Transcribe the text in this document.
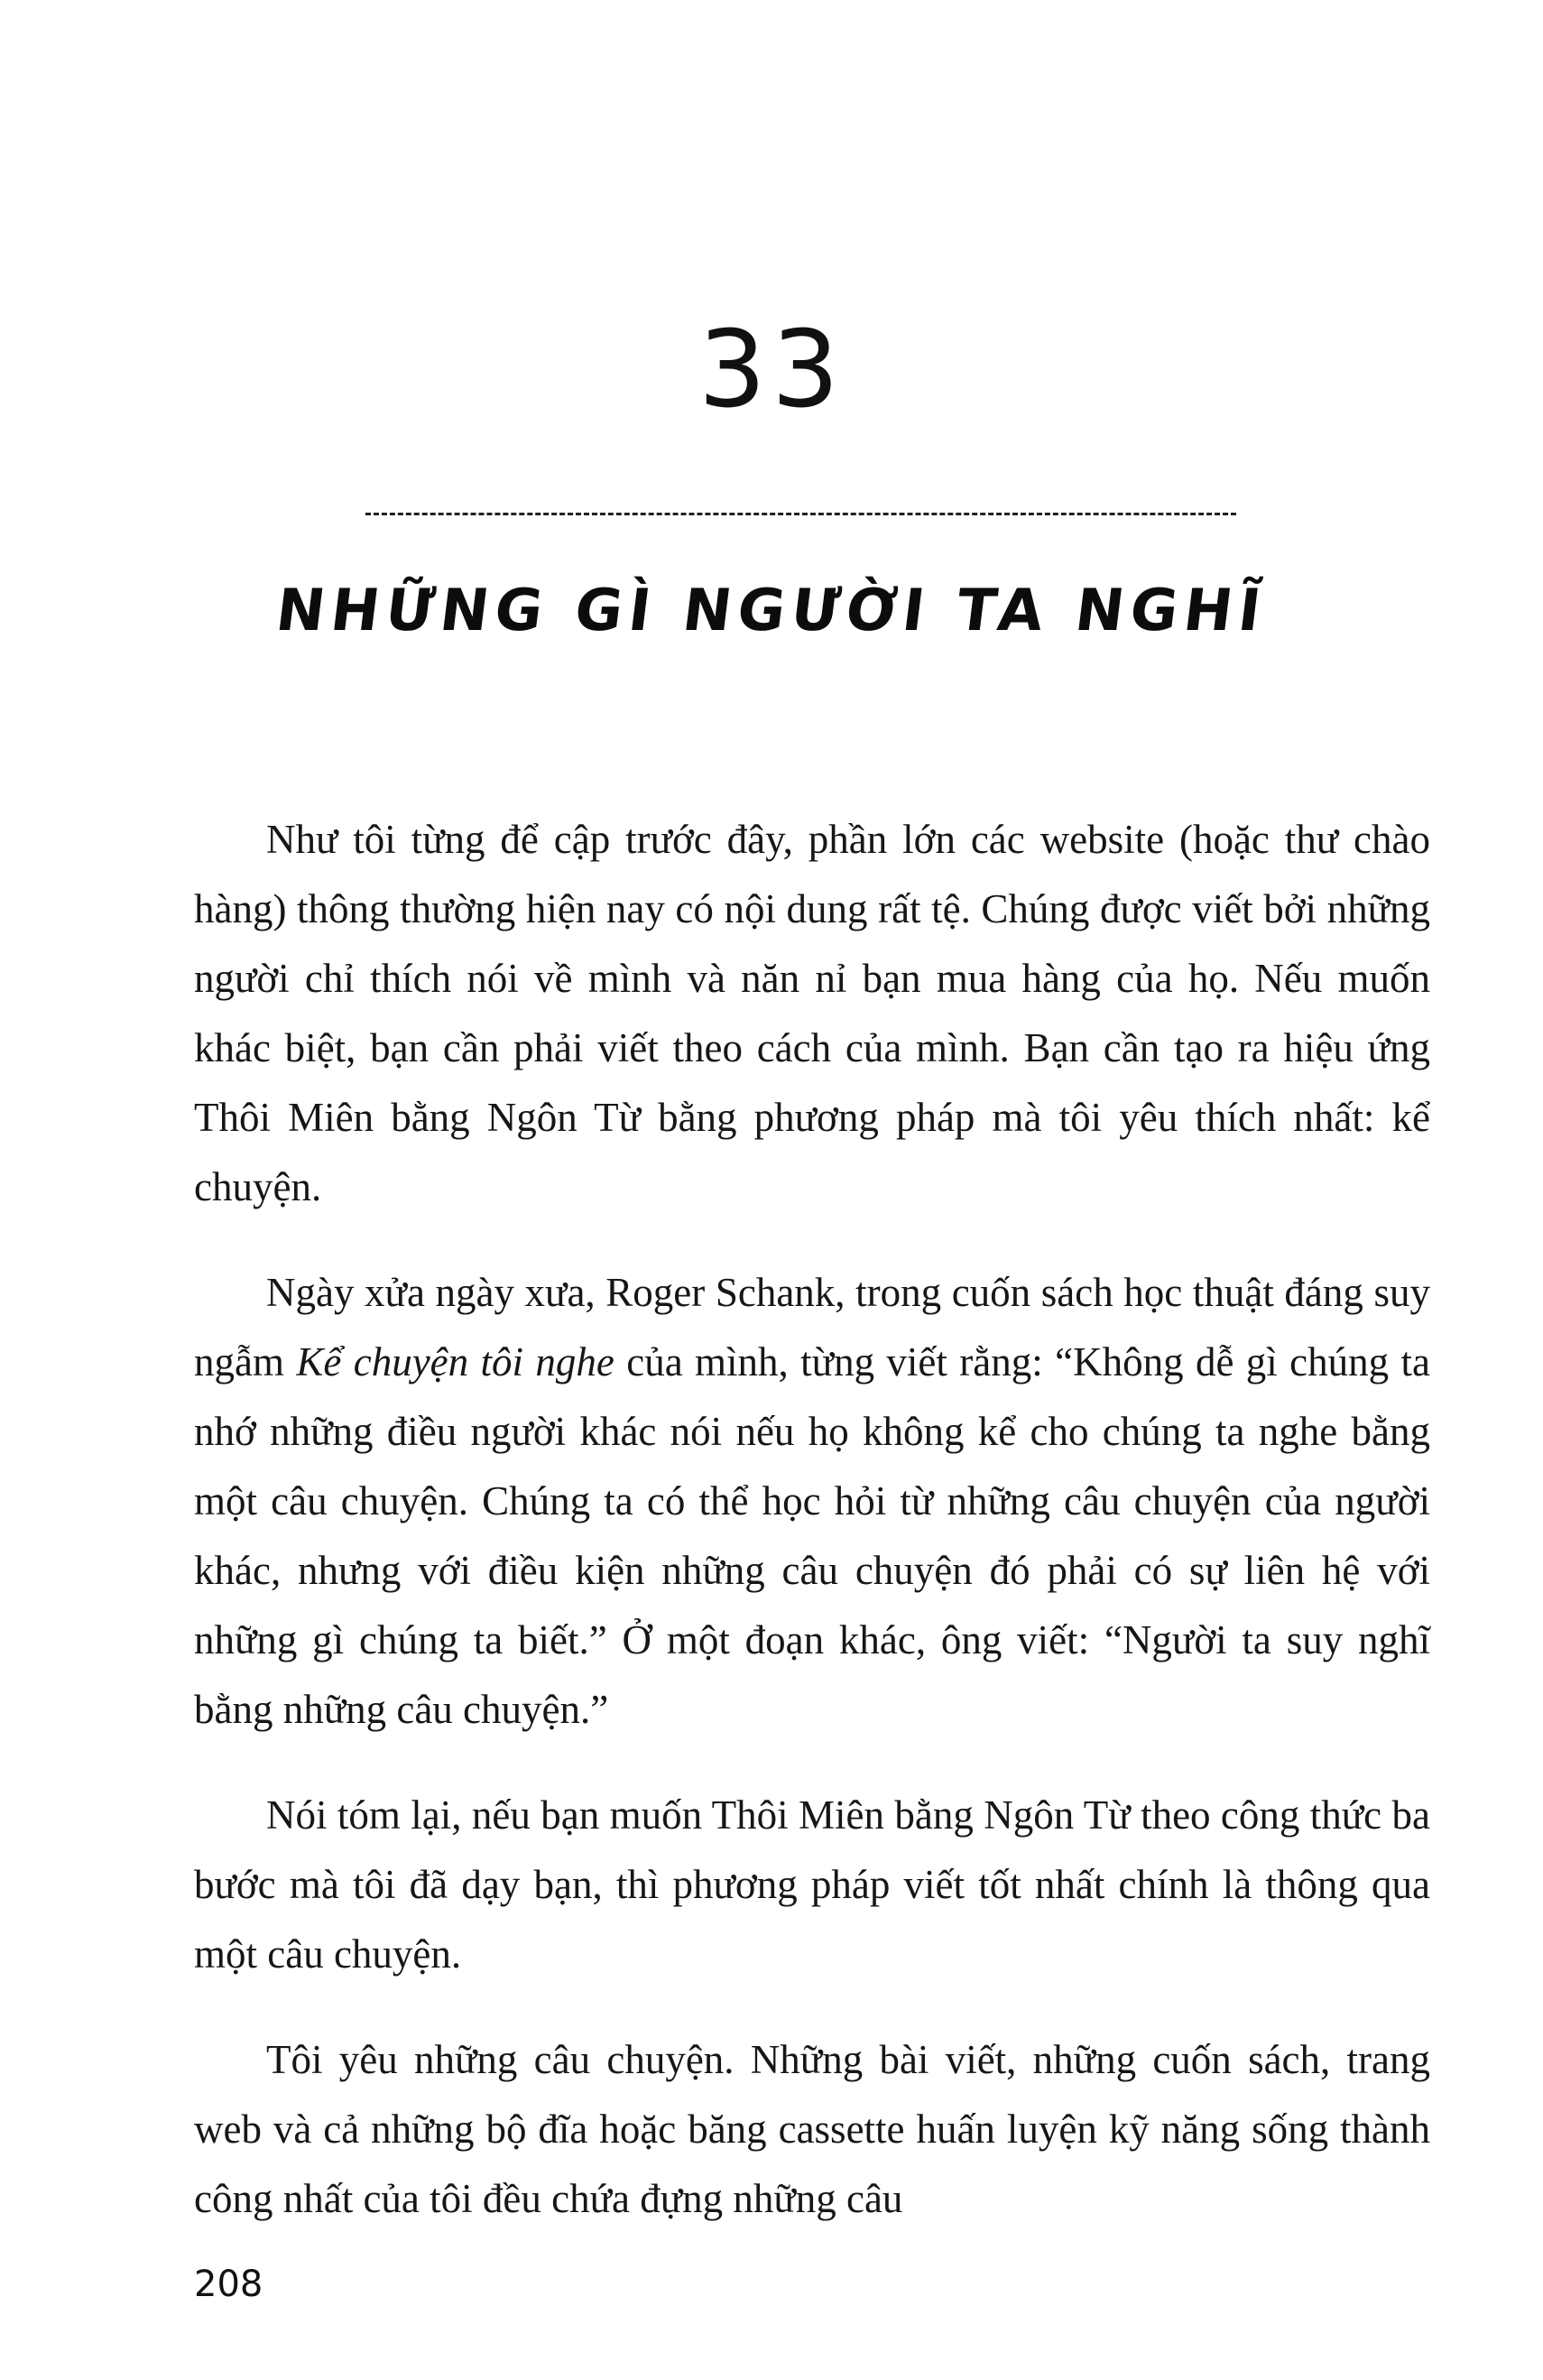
33
NHỮNG GÌ NGƯỜI TA NGHĨ

Như tôi từng để cập trước đây, phần lớn các website (hoặc thư chào hàng) thông thường hiện nay có nội dung rất tệ. Chúng được viết bởi những người chỉ thích nói về mình và năn nỉ bạn mua hàng của họ. Nếu muốn khác biệt, bạn cần phải viết theo cách của mình. Bạn cần tạo ra hiệu ứng Thôi Miên bằng Ngôn Từ bằng phương pháp mà tôi yêu thích nhất: kể chuyện.

Ngày xửa ngày xưa, Roger Schank, trong cuốn sách học thuật đáng suy ngẫm Kể chuyện tôi nghe của mình, từng viết rằng: “Không dễ gì chúng ta nhớ những điều người khác nói nếu họ không kể cho chúng ta nghe bằng một câu chuyện. Chúng ta có thể học hỏi từ những câu chuyện của người khác, nhưng với điều kiện những câu chuyện đó phải có sự liên hệ với những gì chúng ta biết.” Ở một đoạn khác, ông viết: “Người ta suy nghĩ bằng những câu chuyện.”

Nói tóm lại, nếu bạn muốn Thôi Miên bằng Ngôn Từ theo công thức ba bước mà tôi đã dạy bạn, thì phương pháp viết tốt nhất chính là thông qua một câu chuyện.

Tôi yêu những câu chuyện. Những bài viết, những cuốn sách, trang web và cả những bộ đĩa hoặc băng cassette huấn luyện kỹ năng sống thành công nhất của tôi đều chứa đựng những câu

208
